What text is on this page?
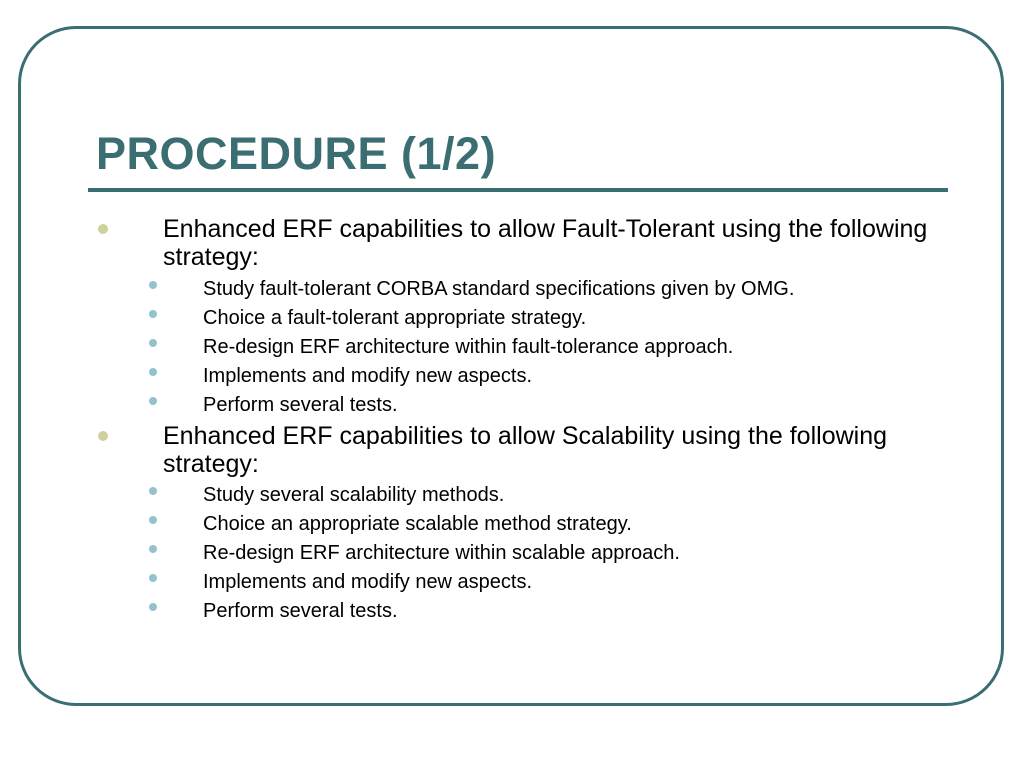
PROCEDURE (1/2)
Enhanced ERF capabilities to allow Fault-Tolerant using the following strategy:
Study fault-tolerant CORBA standard specifications given by OMG.
Choice a fault-tolerant appropriate strategy.
Re-design ERF architecture within fault-tolerance approach.
Implements and modify new aspects.
Perform several tests.
Enhanced ERF capabilities to allow Scalability using the following strategy:
Study several scalability methods.
Choice an appropriate scalable method strategy.
Re-design ERF architecture within scalable approach.
Implements and modify new aspects.
Perform several tests.
